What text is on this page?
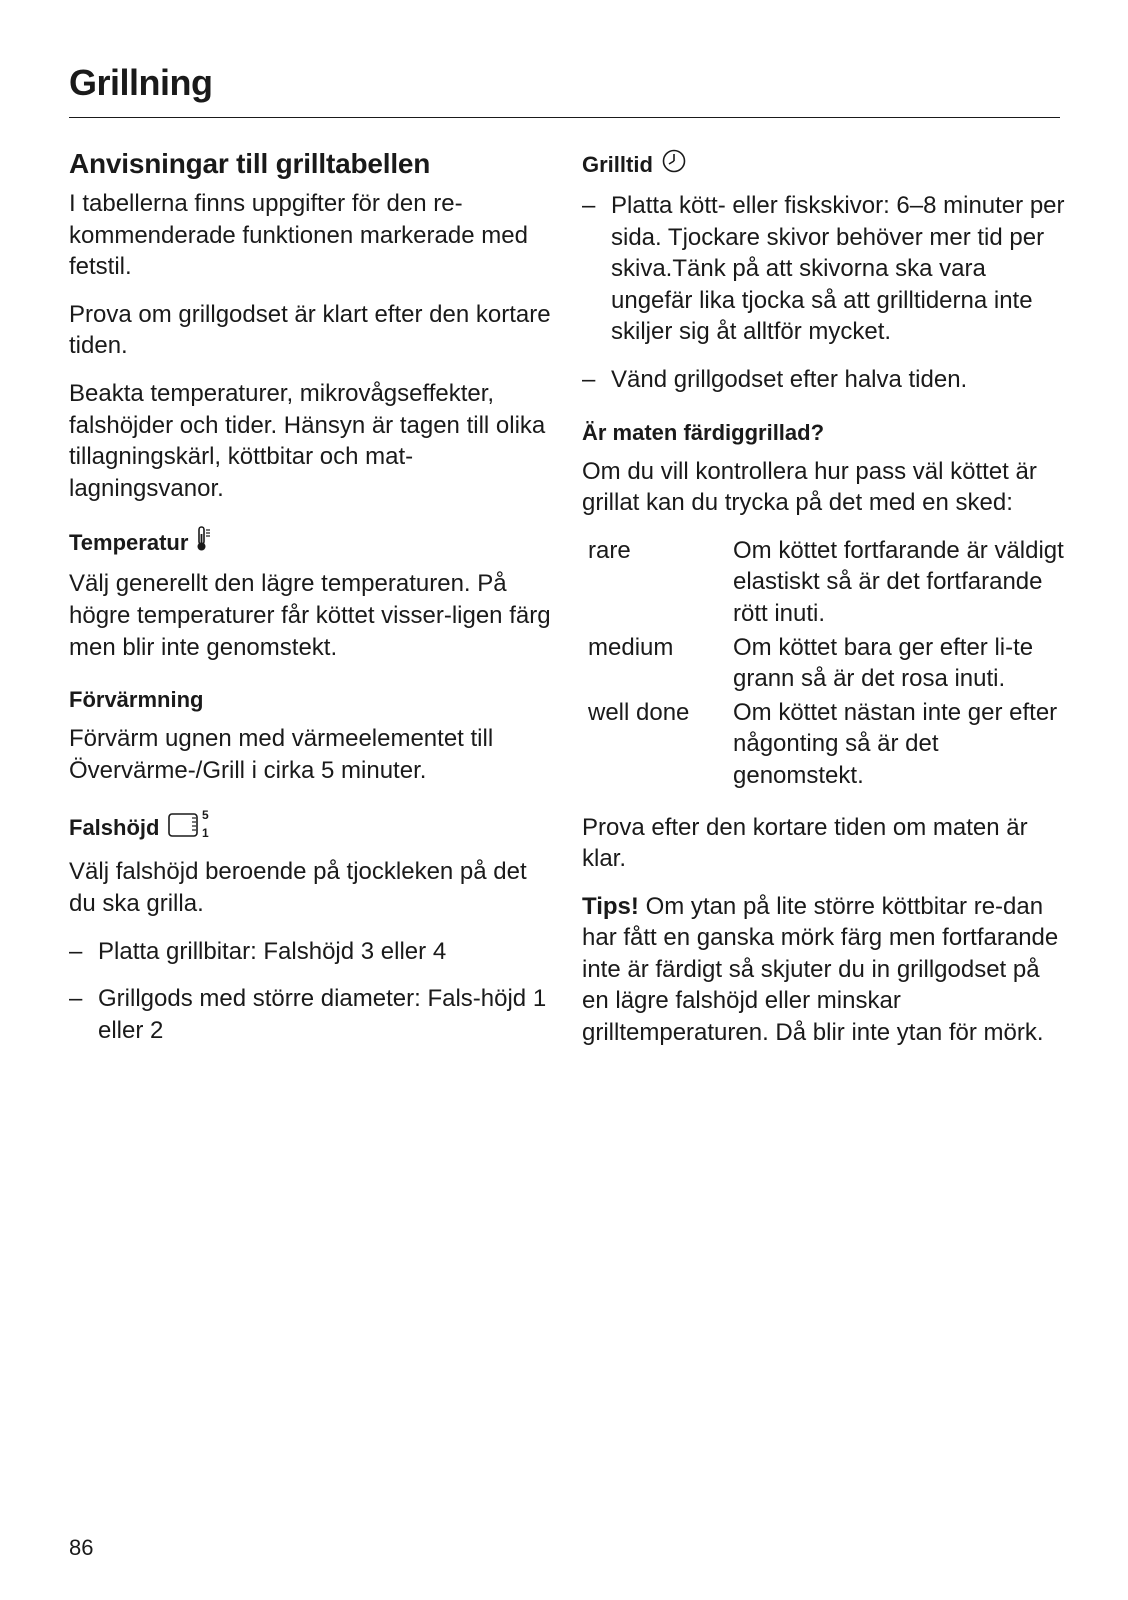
Grillning
Anvisningar till grilltabellen

I tabellerna finns uppgifter för den re-kommenderade funktionen markerade med fetstil.

Prova om grillgodset är klart efter den kortare tiden.

Beakta temperaturer, mikrovågseffekter, falshöjder och tider. Hänsyn är tagen till olika tillagningskärl, köttbitar och mat-lagningsvanor.

Temperatur

Välj generellt den lägre temperaturen. På högre temperaturer får köttet visser-ligen färg men blir inte genomstekt.

Förvärmning

Förvärm ugnen med värmeelementet till Övervärme-/Grill i cirka 5 minuter.

Falshöjd	5
1

Välj falshöjd beroende på tjockleken på det du ska grilla.

– Platta grillbitar: Falshöjd 3 eller 4
– Grillgods med större diameter: Fals-höjd 1 eller 2
Grilltid
– Platta kött- eller fiskskivor: 6–8 minuter per sida. Tjockare skivor behöver mer tid per skiva.Tänk på att skivorna ska vara ungefär lika tjocka så att grilltiderna inte skiljer sig åt alltför mycket.
– Vänd grillgodset efter halva tiden.
Är maten färdiggrillad?

Om du vill kontrollera hur pass väl köttet är grillat kan du trycka på det med en sked:

rare	Om köttet fortfarande är väldigt elastiskt så är det fortfarande rött inuti.
medium	Om köttet bara ger efter li-te grann så är det rosa inuti.
well done	Om köttet nästan inte ger efter någonting så är det genomstekt.

Prova efter den kortare tiden om maten är klar.

Tips! Om ytan på lite större köttbitar re-dan har fått en ganska mörk färg men fortfarande inte är färdigt så skjuter du in grillgodset på en lägre falshöjd eller minskar grilltemperaturen. Då blir inte ytan för mörk.

86
